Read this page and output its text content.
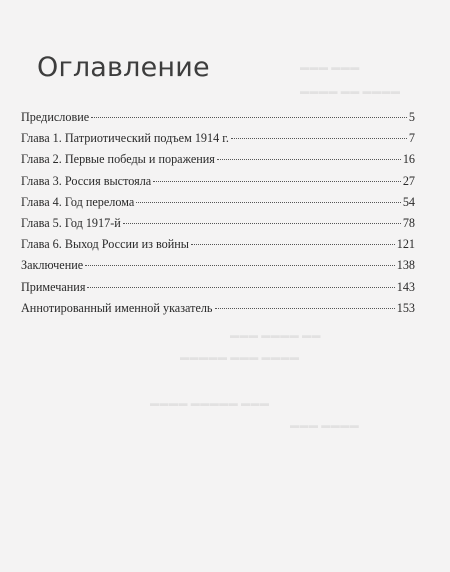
▬▬▬ ▬▬▬
▬▬▬▬ ▬▬ ▬▬▬▬
▬▬▬ ▬▬▬▬ ▬▬
▬▬▬▬▬ ▬▬▬ ▬▬▬▬
▬▬▬▬ ▬▬▬▬▬ ▬▬▬
▬▬▬ ▬▬▬▬
Оглавление
Предисловие	5
Глава 1. Патриотический подъем 1914 г.	7
Глава 2. Первые победы и поражения	16
Глава 3. Россия выстояла	27
Глава 4. Год перелома	54
Глава 5. Год 1917-й	78
Глава 6. Выход России из войны	121
Заключение	138
Примечания	143
Аннотированный именной указатель	153
